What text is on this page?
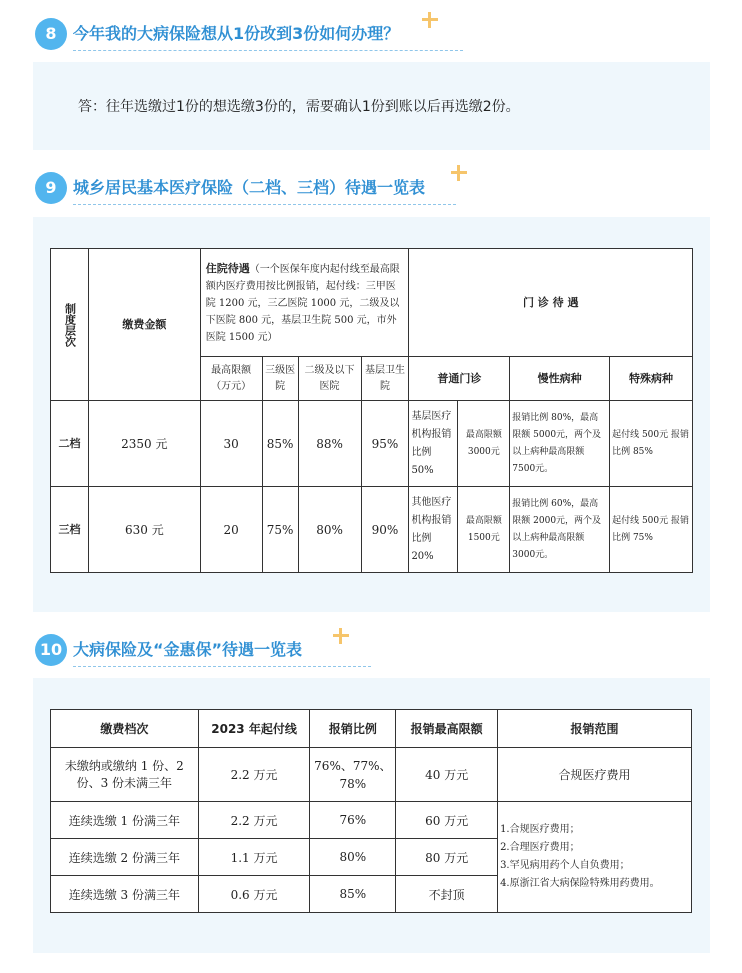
8	今年我的大病保险想从1份改到3份如何办理？
答：往年选缴过1份的想选缴3份的，需要确认1份到账以后再选缴2份。
9	城乡居民基本医疗保险（二档、三档）待遇一览表
制度层次	缴费金额	住院待遇（一个医保年度内起付线至最高限额内医疗费用按比例报销，起付线：三甲医院 1200 元，三乙医院 1000 元，二级及以下医院 800 元，基层卫生院 500 元，市外医院 1500 元）				门 诊 待 遇			
		最高限额（万元）	三级医院	二级及以下医院	基层卫生院	普通门诊		慢性病种	特殊病种
二档	2350 元	30	85%	88%	95%	基层医疗机构报销比例 50%	最高限额 3000元	报销比例 80%，最高限额 5000元，两个及以上病种最高限额 7500元。	起付线 500元 报销比例 85%
三档	630 元	20	75%	80%	90%	其他医疗机构报销比例 20%	最高限额 1500元	报销比例 60%，最高限额 2000元，两个及以上病种最高限额 3000元。	起付线 500元 报销比例 75%
10 大病保险及“金惠保”待遇一览表
缴费档次	2023 年起付线	报销比例	报销最高限额	报销范围
未缴纳或缴纳 1 份、2 份、3 份未满三年	2.2 万元	76%、77%、78%	40 万元	合规医疗费用
连续选缴 1 份满三年	2.2 万元	76%	60 万元	1.合规医疗费用；
2.合理医疗费用；
3.罕见病用药个人自负费用；
4.原浙江省大病保险特殊用药费用。

连续选缴 2 份满三年	1.1 万元	80%	80 万元	
连续选缴 3 份满三年	0.6 万元	85%	不封顶	
